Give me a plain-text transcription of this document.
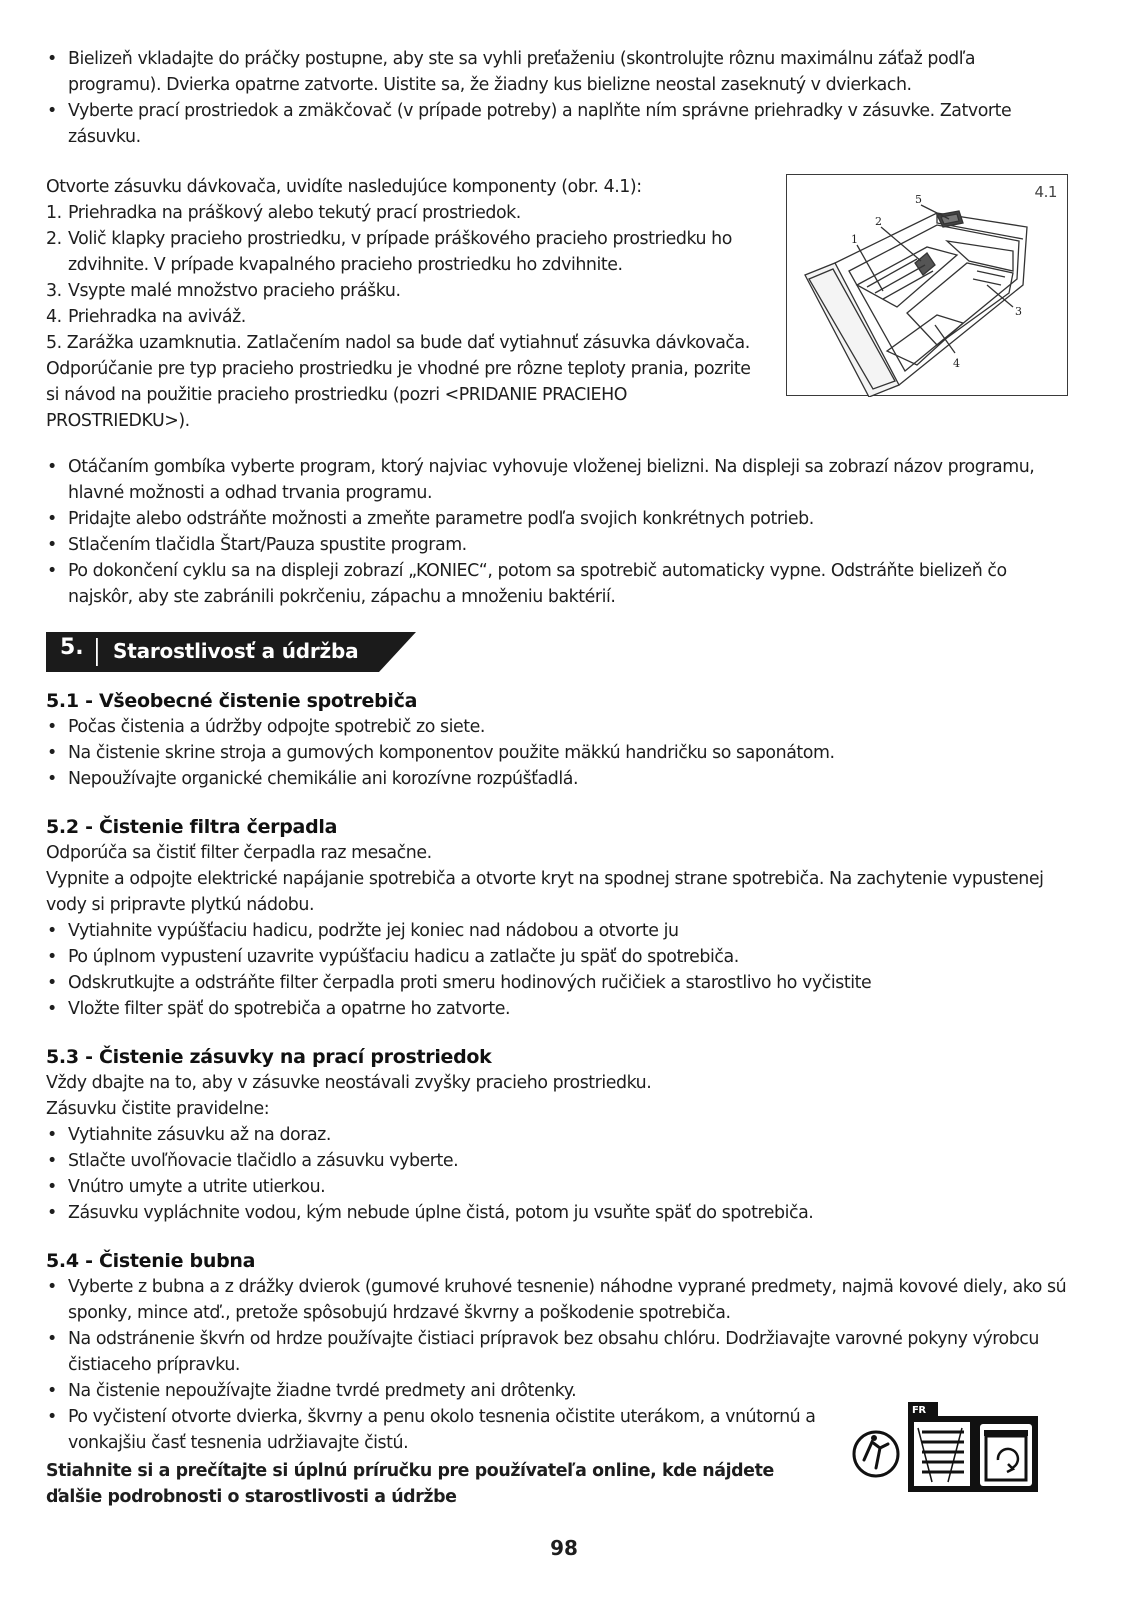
• Bielizeň vkladajte do práčky postupne, aby ste sa vyhli preťaženiu (skontrolujte rôznu maximálnu záťaž podľa programu). Dvierka opatrne zatvorte. Uistite sa, že žiadny kus bielizne neostal zaseknutý v dvierkach.
• Vyberte prací prostriedok a zmäkčovač (v prípade potreby) a naplňte ním správne priehradky v zásuvke. Zatvorte zásuvku.

Otvorte zásuvku dávkovača, uvidíte nasledujúce komponenty (obr. 4.1):

1. Priehradka na práškový alebo tekutý prací prostriedok.
2. Volič klapky pracieho prostriedku, v prípade práškového pracieho prostriedku ho zdvihnite. V prípade kvapalného pracieho prostriedku ho zdvihnite.
3. Vsypte malé množstvo pracieho prášku.
4. Priehradka na aviváž.
5. Zarážka uzamknutia. Zatlačením nadol sa bude dať vytiahnuť zásuvka dávkovača. Odporúčanie pre typ pracieho prostriedku je vhodné pre rôzne teploty prania, pozrite si návod na použitie pracieho prostriedku (pozri <PRIDANIE PRACIEHO PROSTRIEDKU>).
4.1
1
2
3
4
5
• Otáčaním gombíka vyberte program, ktorý najviac vyhovuje vloženej bielizni. Na displeji sa zobrazí názov programu, hlavné možnosti a odhad trvania programu.
• Pridajte alebo odstráňte možnosti a zmeňte parametre podľa svojich konkrétnych potrieb.
• Stlačením tlačidla Štart/Pauza spustite program.
• Po dokončení cyklu sa na displeji zobrazí „KONIEC“, potom sa spotrebič automaticky vypne. Odstráňte bielizeň čo najskôr, aby ste zabránili pokrčeniu, zápachu a množeniu baktérií.
5. Starostlivosť a údržba
5.1 - Všeobecné čistenie spotrebiča
• Počas čistenia a údržby odpojte spotrebič zo siete.
• Na čistenie skrine stroja a gumových komponentov použite mäkkú handričku so saponátom.
• Nepoužívajte organické chemikálie ani korozívne rozpúšťadlá.
5.2 - Čistenie filtra čerpadla

Odporúča sa čistiť filter čerpadla raz mesačne.

Vypnite a odpojte elektrické napájanie spotrebiča a otvorte kryt na spodnej strane spotrebiča. Na zachytenie vypustenej vody si pripravte plytkú nádobu.

• Vytiahnite vypúšťaciu hadicu, podržte jej koniec nad nádobou a otvorte ju
• Po úplnom vypustení uzavrite vypúšťaciu hadicu a zatlačte ju späť do spotrebiča.
• Odskrutkujte a odstráňte filter čerpadla proti smeru hodinových ručičiek a starostlivo ho vyčistite
• Vložte filter späť do spotrebiča a opatrne ho zatvorte.
5.3 - Čistenie zásuvky na prací prostriedok

Vždy dbajte na to, aby v zásuvke neostávali zvyšky pracieho prostriedku.

Zásuvku čistite pravidelne:

• Vytiahnite zásuvku až na doraz.
• Stlačte uvoľňovacie tlačidlo a zásuvku vyberte.
• Vnútro umyte a utrite utierkou.
• Zásuvku vypláchnite vodou, kým nebude úplne čistá, potom ju vsuňte späť do spotrebiča.
5.4 - Čistenie bubna
• Vyberte z bubna a z drážky dvierok (gumové kruhové tesnenie) náhodne vyprané predmety, najmä kovové diely, ako sú sponky, mince atď., pretože spôsobujú hrdzavé škvrny a poškodenie spotrebiča.
• Na odstránenie škvŕn od hrdze používajte čistiaci prípravok bez obsahu chlóru. Dodržiavajte varovné pokyny výrobcu čistiaceho prípravku.
• Na čistenie nepoužívajte žiadne tvrdé predmety ani drôtenky.
• Po vyčistení otvorte dvierka, škvrny a penu okolo tesnenia očistite uterákom, a vnútornú a vonkajšiu časť tesnenia udržiavajte čistú.

Stiahnite si a prečítajte si úplnú príručku pre používateľa online, kde nájdete ďalšie podrobnosti o starostlivosti a údržbe

FR
98
